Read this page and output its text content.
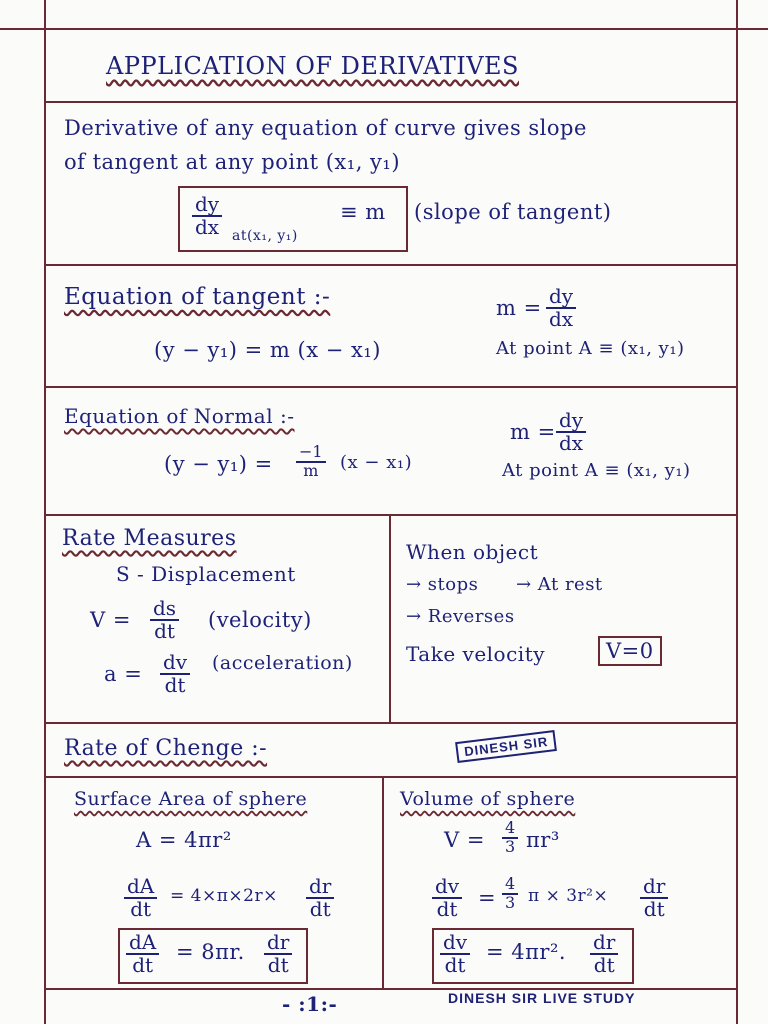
APPLICATION OF DERIVATIVES
Derivative of any equation of curve gives slope
of tangent at any point (x₁, y₁)
$\frac{dy}{dx} at(x_1$, y₁)
≡ m (slope of tangent)
Equation of tangent :-
(y − y₁) = m (x − x₁)
$m = \frac{dy}{dx}$
At point A ≡ (x₁, y₁)
Equation of Normal :-
$(y - y_1) = \frac{-1}{m} (x - x_1)$
$m = \frac{dy}{dx}$
At point A ≡ (x₁, y₁)
Rate Measures
S - Displacement
$V = \frac{ds}{dt}$ (velocity)
$a = \frac{dv}{dt}$ (acceleration)
When object
→ stops → At rest
→ Reverses
Take velocity	V=0
Rate of Chenge :-	DINESH SIR
Surface Area of sphere
A = 4πr²
$\frac{dA}{dt} = 4\times\pi\times 2r\times \frac{dr}{dt}$
$\frac{dA}{dt} = 8\pi r$. $\frac{dr}{dt}$
Volume of sphere
$V = \frac{4}{3} \pi r^3$
$\frac{dv}{dt} = \frac{4}{3}$ $\pi \times 3r^2\times \frac{dr}{dt}$
$\frac{dv}{dt} = 4\pi r^2$. $\frac{dr}{dt}$
- :1:-	DINESH SIR LIVE STUDY
